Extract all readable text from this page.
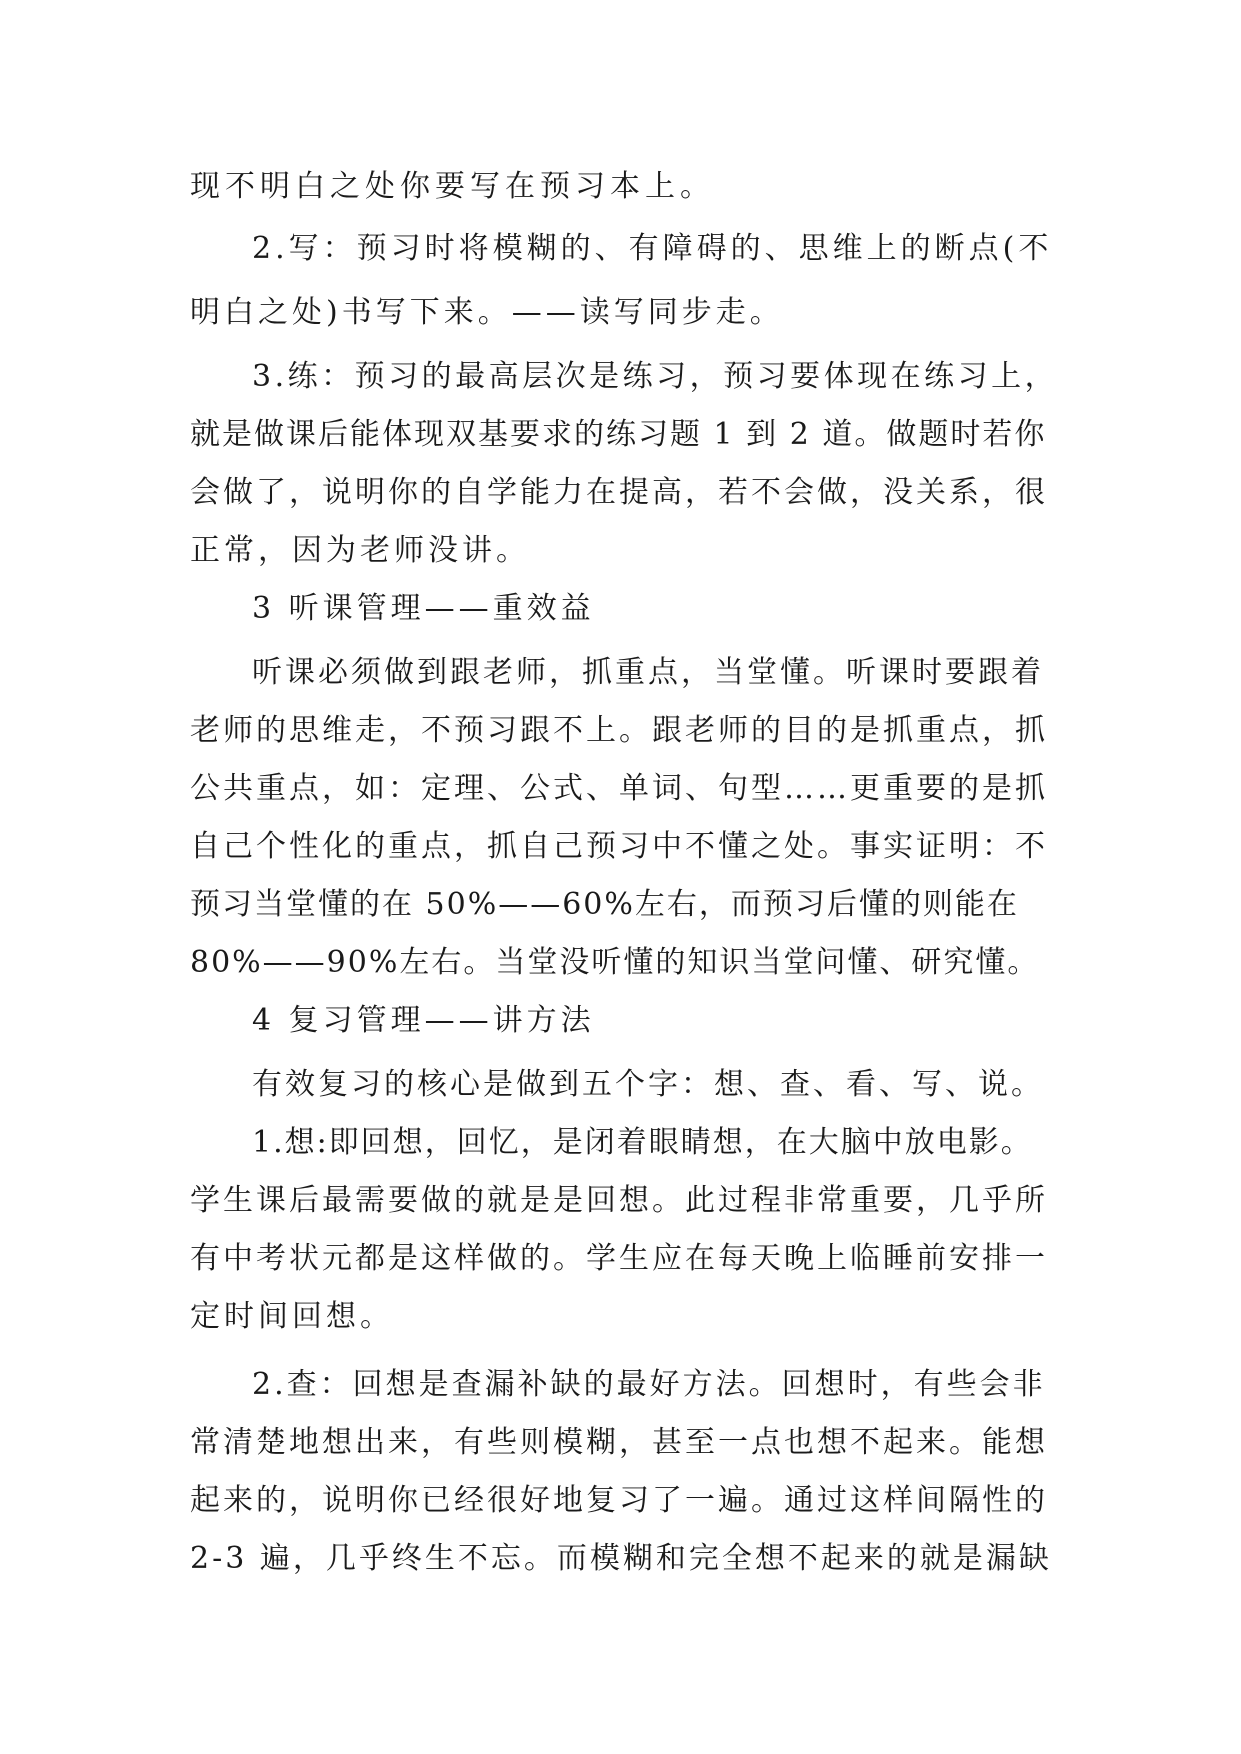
现不明白之处你要写在预习本上。
2.写：预习时将模糊的、有障碍的、思维上的断点(不
明白之处)书写下来。——读写同步走。
3.练：预习的最高层次是练习，预习要体现在练习上，
就是做课后能体现双基要求的练习题 1 到 2 道。做题时若你
会做了，说明你的自学能力在提高，若不会做，没关系，很
正常，因为老师没讲。
3 听课管理——重效益
听课必须做到跟老师，抓重点，当堂懂。听课时要跟着
老师的思维走，不预习跟不上。跟老师的目的是抓重点，抓
公共重点，如：定理、公式、单词、句型……更重要的是抓
自己个性化的重点，抓自己预习中不懂之处。事实证明：不
预习当堂懂的在 50%——60%左右，而预习后懂的则能在
80%——90%左右。当堂没听懂的知识当堂问懂、研究懂。
4 复习管理——讲方法
有效复习的核心是做到五个字：想、查、看、写、说。
1.想:即回想，回忆，是闭着眼睛想，在大脑中放电影。
学生课后最需要做的就是是回想。此过程非常重要，几乎所
有中考状元都是这样做的。学生应在每天晚上临睡前安排一
定时间回想。
2.查：回想是查漏补缺的最好方法。回想时，有些会非
常清楚地想出来，有些则模糊，甚至一点也想不起来。能想
起来的，说明你已经很好地复习了一遍。通过这样间隔性的
2-3 遍，几乎终生不忘。而模糊和完全想不起来的就是漏缺
